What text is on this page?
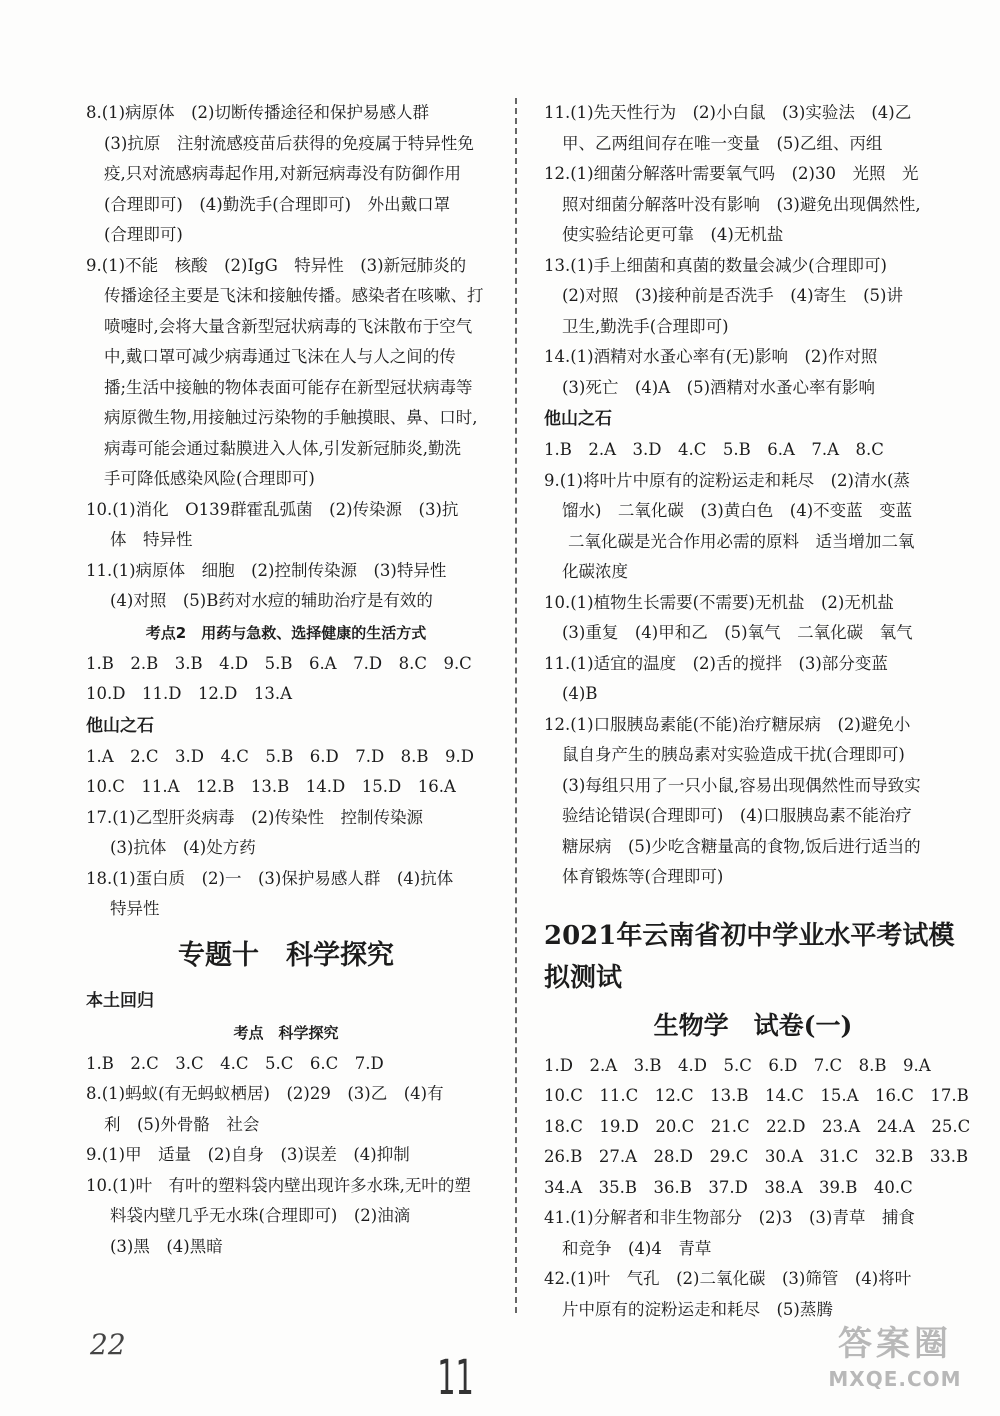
8.(1)病原体　(2)切断传播途径和保护易感人群
(3)抗原　注射流感疫苗后获得的免疫属于特异性免
疫,只对流感病毒起作用,对新冠病毒没有防御作用
(合理即可)　(4)勤洗手(合理即可)　外出戴口罩
(合理即可)
9.(1)不能　核酸　(2)IgG　特异性　(3)新冠肺炎的
传播途径主要是飞沫和接触传播。感染者在咳嗽、打
喷嚏时,会将大量含新型冠状病毒的飞沫散布于空气
中,戴口罩可减少病毒通过飞沫在人与人之间的传
播;生活中接触的物体表面可能存在新型冠状病毒等
病原微生物,用接触过污染物的手触摸眼、鼻、口时,
病毒可能会通过黏膜进入人体,引发新冠肺炎,勤洗
手可降低感染风险(合理即可)
10.(1)消化　O139群霍乱弧菌　(2)传染源　(3)抗
体　特异性
11.(1)病原体　细胞　(2)控制传染源　(3)特异性
(4)对照　(5)B药对水痘的辅助治疗是有效的
考点2　用药与急救、选择健康的生活方式
1.B　2.B　3.B　4.D　5.B　6.A　7.D　8.C　9.C
10.D　11.D　12.D　13.A
他山之石
1.A　2.C　3.D　4.C　5.B　6.D　7.D　8.B　9.D
10.C　11.A　12.B　13.B　14.D　15.D　16.A
17.(1)乙型肝炎病毒　(2)传染性　控制传染源
(3)抗体　(4)处方药
18.(1)蛋白质　(2)一　(3)保护易感人群　(4)抗体
特异性
专题十　科学探究
本土回归
考点　科学探究
1.B　2.C　3.C　4.C　5.C　6.C　7.D
8.(1)蚂蚁(有无蚂蚁栖居)　(2)29　(3)乙　(4)有
利　(5)外骨骼　社会
9.(1)甲　适量　(2)自身　(3)误差　(4)抑制
10.(1)叶　有叶的塑料袋内壁出现许多水珠,无叶的塑
料袋内壁几乎无水珠(合理即可)　(2)油滴
(3)黑　(4)黑暗
11.(1)先天性行为　(2)小白鼠　(3)实验法　(4)乙
甲、乙两组间存在唯一变量　(5)乙组、丙组
12.(1)细菌分解落叶需要氧气吗　(2)30　光照　光
照对细菌分解落叶没有影响　(3)避免出现偶然性,
使实验结论更可靠　(4)无机盐
13.(1)手上细菌和真菌的数量会减少(合理即可)
(2)对照　(3)接种前是否洗手　(4)寄生　(5)讲
卫生,勤洗手(合理即可)
14.(1)酒精对水蚤心率有(无)影响　(2)作对照
(3)死亡　(4)A　(5)酒精对水蚤心率有影响
他山之石
1.B　2.A　3.D　4.C　5.B　6.A　7.A　8.C
9.(1)将叶片中原有的淀粉运走和耗尽　(2)清水(蒸
馏水)　二氧化碳　(3)黄白色　(4)不变蓝　变蓝
二氧化碳是光合作用必需的原料　适当增加二氧
化碳浓度
10.(1)植物生长需要(不需要)无机盐　(2)无机盐
(3)重复　(4)甲和乙　(5)氧气　二氧化碳　氧气
11.(1)适宜的温度　(2)舌的搅拌　(3)部分变蓝
(4)B
12.(1)口服胰岛素能(不能)治疗糖尿病　(2)避免小
鼠自身产生的胰岛素对实验造成干扰(合理即可)
(3)每组只用了一只小鼠,容易出现偶然性而导致实
验结论错误(合理即可)　(4)口服胰岛素不能治疗
糖尿病　(5)少吃含糖量高的食物,饭后进行适当的
体育锻炼等(合理即可)
2021年云南省初中学业水平考试模拟测试
生物学　试卷(一)
1.D　2.A　3.B　4.D　5.C　6.D　7.C　8.B　9.A
10.C　11.C　12.C　13.B　14.C　15.A　16.C　17.B
18.C　19.D　20.C　21.C　22.D　23.A　24.A　25.C
26.B　27.A　28.D　29.C　30.A　31.C　32.B　33.B
34.A　35.B　36.B　37.D　38.A　39.B　40.C
41.(1)分解者和非生物部分　(2)3　(3)青草　捕食
和竞争　(4)4　青草
42.(1)叶　气孔　(2)二氧化碳　(3)筛管　(4)将叶
片中原有的淀粉运走和耗尽　(5)蒸腾
22
11
答案圈
MXQE.COM
